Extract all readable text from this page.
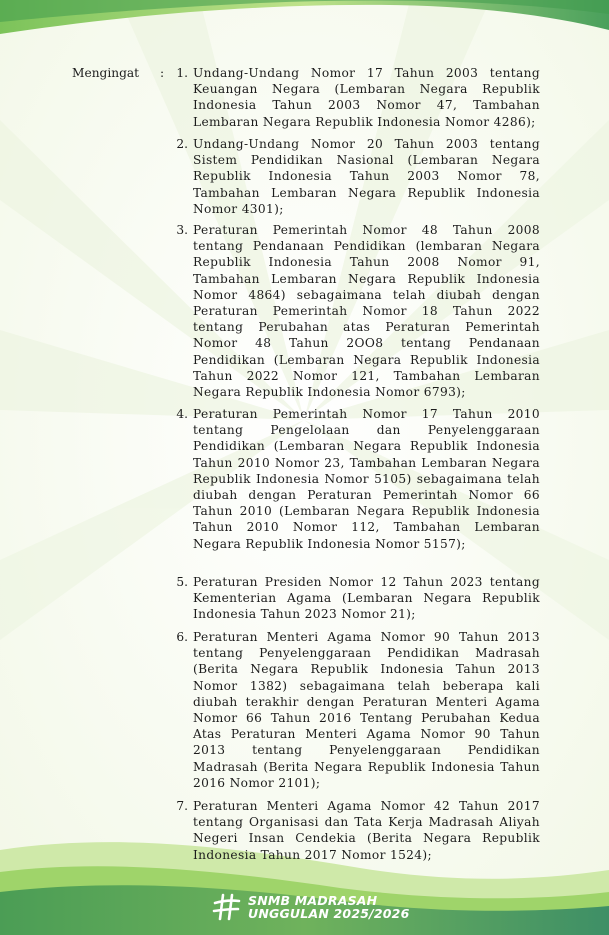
Mengingat :	1. Undang-Undang Nomor 17 Tahun 2003 tentang Keuangan Negara (Lembaran Negara Republik Indonesia Tahun 2003 Nomor 47, Tambahan Lembaran Negara Republik Indonesia Nomor 4286);
2. Undang-Undang Nomor 20 Tahun 2003 tentang Sistem Pendidikan Nasional (Lembaran Negara Republik Indonesia Tahun 2003 Nomor 78, Tambahan Lembaran Negara Republik Indonesia Nomor 4301);
3. Peraturan Pemerintah Nomor 48 Tahun 2008 tentang Pendanaan Pendidikan (lembaran Negara Republik Indonesia Tahun 2008 Nomor 91, Tambahan Lembaran Negara Republik Indonesia Nomor 4864) sebagaimana telah diubah dengan Peraturan Pemerintah Nomor 18 Tahun 2022 tentang Perubahan atas Peraturan Pemerintah Nomor 48 Tahun 2OO8 tentang Pendanaan Pendidikan (Lembaran Negara Republik Indonesia Tahun 2022 Nomor 121, Tambahan Lembaran Negara Republik Indonesia Nomor 6793);
4. Peraturan Pemerintah Nomor 17 Tahun 2010 tentang Pengelolaan dan Penyelenggaraan Pendidikan (Lembaran Negara Republik Indonesia Tahun 2010 Nomor 23, Tambahan Lembaran Negara Republik Indonesia Nomor 5105) sebagaimana telah diubah dengan Peraturan Pemerintah Nomor 66 Tahun 2010 (Lembaran Negara Republik Indonesia Tahun 2010 Nomor 112, Tambahan Lembaran Negara Republik Indonesia Nomor 5157);
5. Peraturan Presiden Nomor 12 Tahun 2023 tentang Kementerian Agama (Lembaran Negara Republik Indonesia Tahun 2023 Nomor 21);
6. Peraturan Menteri Agama Nomor 90 Tahun 2013 tentang Penyelenggaraan Pendidikan Madrasah (Berita Negara Republik Indonesia Tahun 2013 Nomor 1382) sebagaimana telah beberapa kali diubah terakhir dengan Peraturan Menteri Agama Nomor 66 Tahun 2016 Tentang Perubahan Kedua Atas Peraturan Menteri Agama Nomor 90 Tahun 2013 tentang Penyelenggaraan Pendidikan Madrasah (Berita Negara Republik Indonesia Tahun 2016 Nomor 2101);
7. Peraturan Menteri Agama Nomor 42 Tahun 2017 tentang Organisasi dan Tata Kerja Madrasah Aliyah Negeri Insan Cendekia (Berita Negara Republik Indonesia Tahun 2017 Nomor 1524);
SNMB MADRASAH
UNGGULAN 2025/2026
